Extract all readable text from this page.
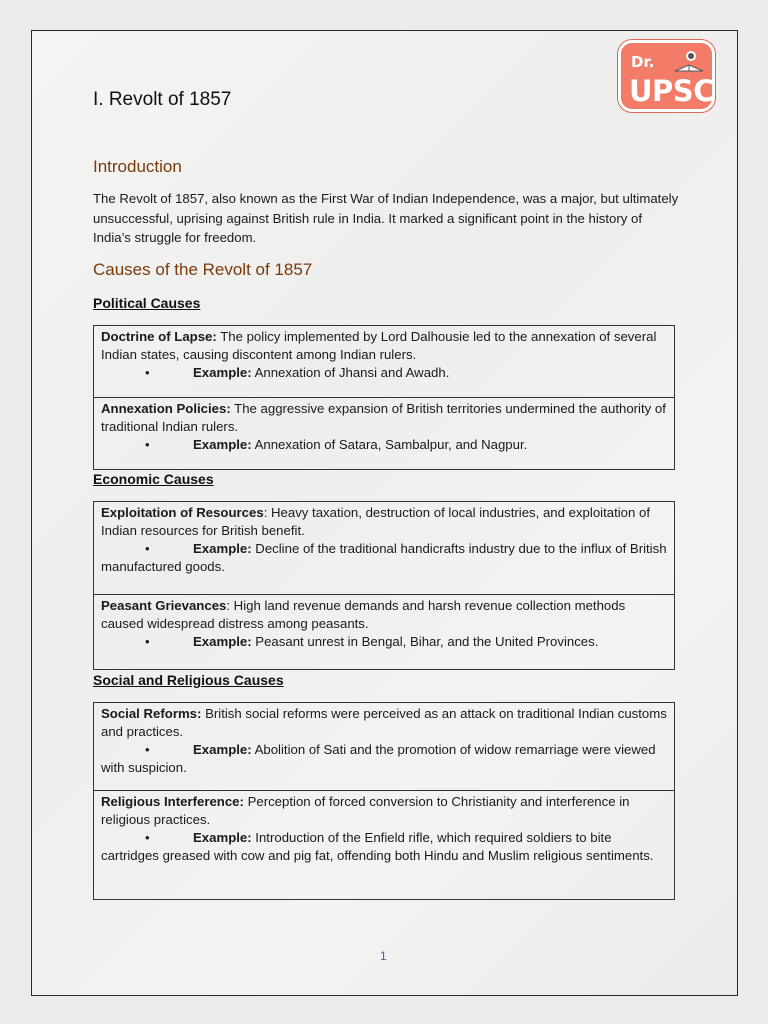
Dr.
UPSC
I. Revolt of 1857
Introduction

The Revolt of 1857, also known as the First War of Indian Independence, was a major, but ultimately unsuccessful, uprising against British rule in India. It marked a significant point in the history of India’s struggle for freedom.

Causes of the Revolt of 1857
Political Causes
Doctrine of Lapse: The policy implemented by Lord Dalhousie led to the annexation of several Indian states, causing discontent among Indian rulers.
•	Example: Annexation of Jhansi and Awadh.
Annexation Policies: The aggressive expansion of British territories undermined the authority of traditional Indian rulers.
•	Example: Annexation of Satara, Sambalpur, and Nagpur.
Economic Causes
Exploitation of Resources: Heavy taxation, destruction of local industries, and exploitation of Indian resources for British benefit.
•	Example: Decline of the traditional handicrafts industry due to the influx of British manufactured goods.
Peasant Grievances: High land revenue demands and harsh revenue collection methods caused widespread distress among peasants.
•	Example: Peasant unrest in Bengal, Bihar, and the United Provinces.
Social and Religious Causes
Social Reforms: British social reforms were perceived as an attack on traditional Indian customs and practices.
•	Example: Abolition of Sati and the promotion of widow remarriage were viewed with suspicion.
Religious Interference: Perception of forced conversion to Christianity and interference in religious practices.
•	Example: Introduction of the Enfield rifle, which required soldiers to bite cartridges greased with cow and pig fat, offending both Hindu and Muslim religious sentiments.
1
